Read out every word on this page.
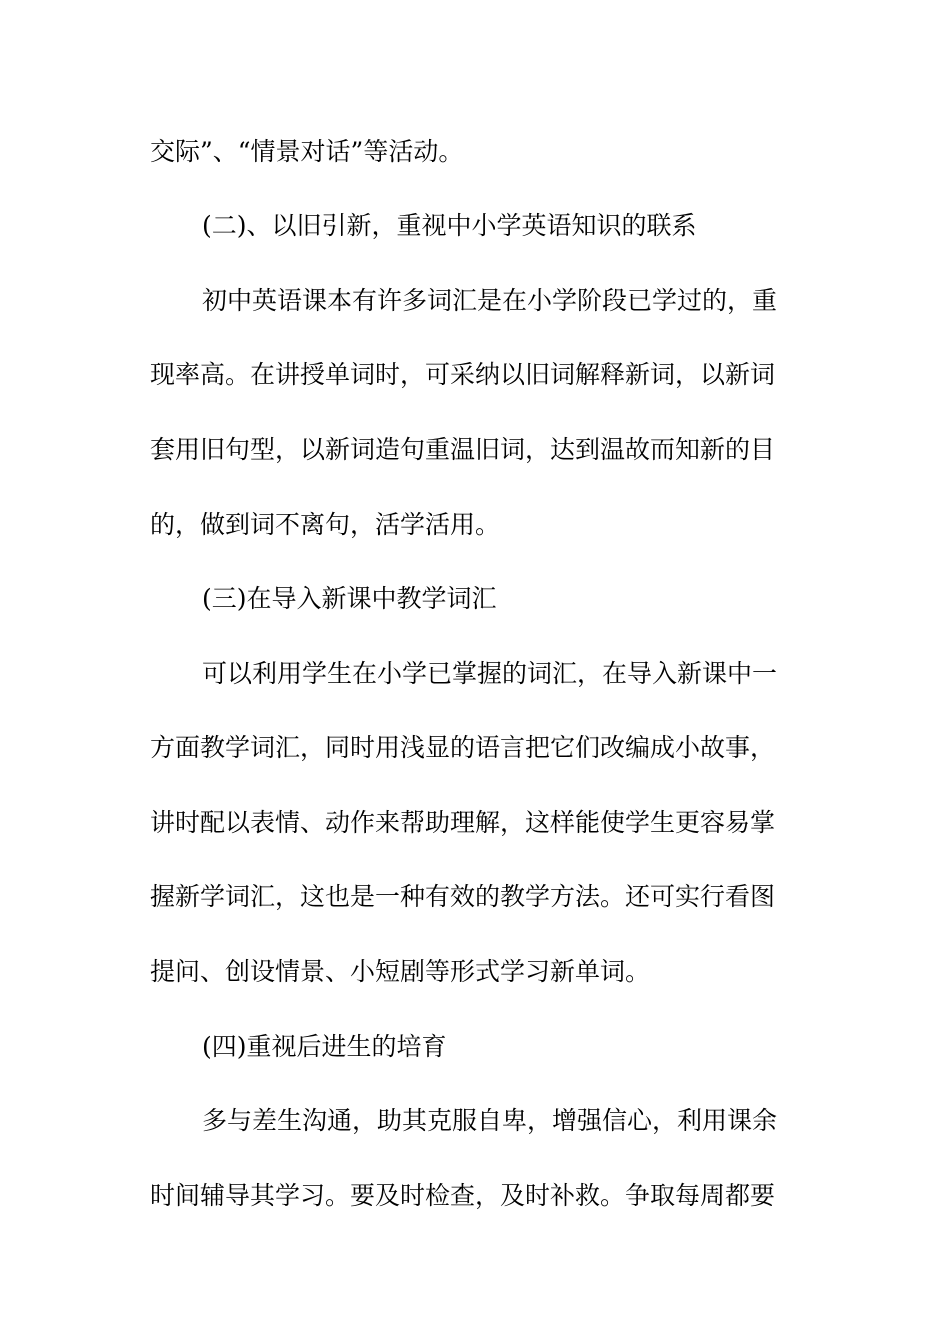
交际”、“情景对话”等活动。
(二)、以旧引新，重视中小学英语知识的联系
初中英语课本有许多词汇是在小学阶段已学过的，重
现率高。在讲授单词时，可采纳以旧词解释新词，以新词
套用旧句型，以新词造句重温旧词，达到温故而知新的目
的，做到词不离句，活学活用。
(三)在导入新课中教学词汇
可以利用学生在小学已掌握的词汇，在导入新课中一
方面教学词汇，同时用浅显的语言把它们改编成小故事，
讲时配以表情、动作来帮助理解，这样能使学生更容易掌
握新学词汇，这也是一种有效的教学方法。还可实行看图
提问、创设情景、小短剧等形式学习新单词。
(四)重视后进生的培育
多与差生沟通，助其克服自卑，增强信心，利用课余
时间辅导其学习。要及时检查，及时补救。争取每周都要
